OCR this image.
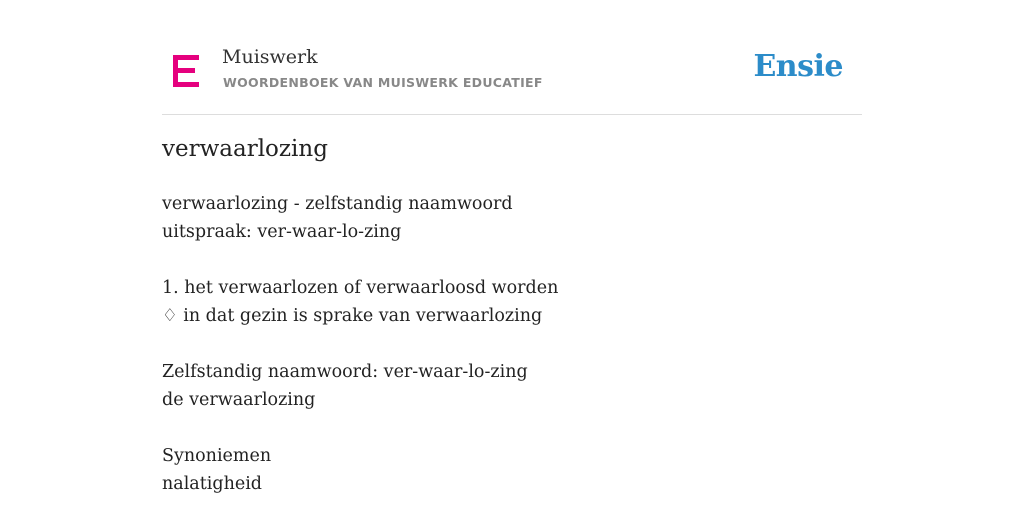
Muiswerk
WOORDENBOEK VAN MUISWERK EDUCATIEF	Ensie
verwaarlozing
verwaarlozing - zelfstandig naamwoord
uitspraak: ver-waar-lo-zing
1. het verwaarlozen of verwaarloosd worden
♢ in dat gezin is sprake van verwaarlozing
Zelfstandig naamwoord: ver-waar-lo-zing
de verwaarlozing
Synoniemen
nalatigheid
